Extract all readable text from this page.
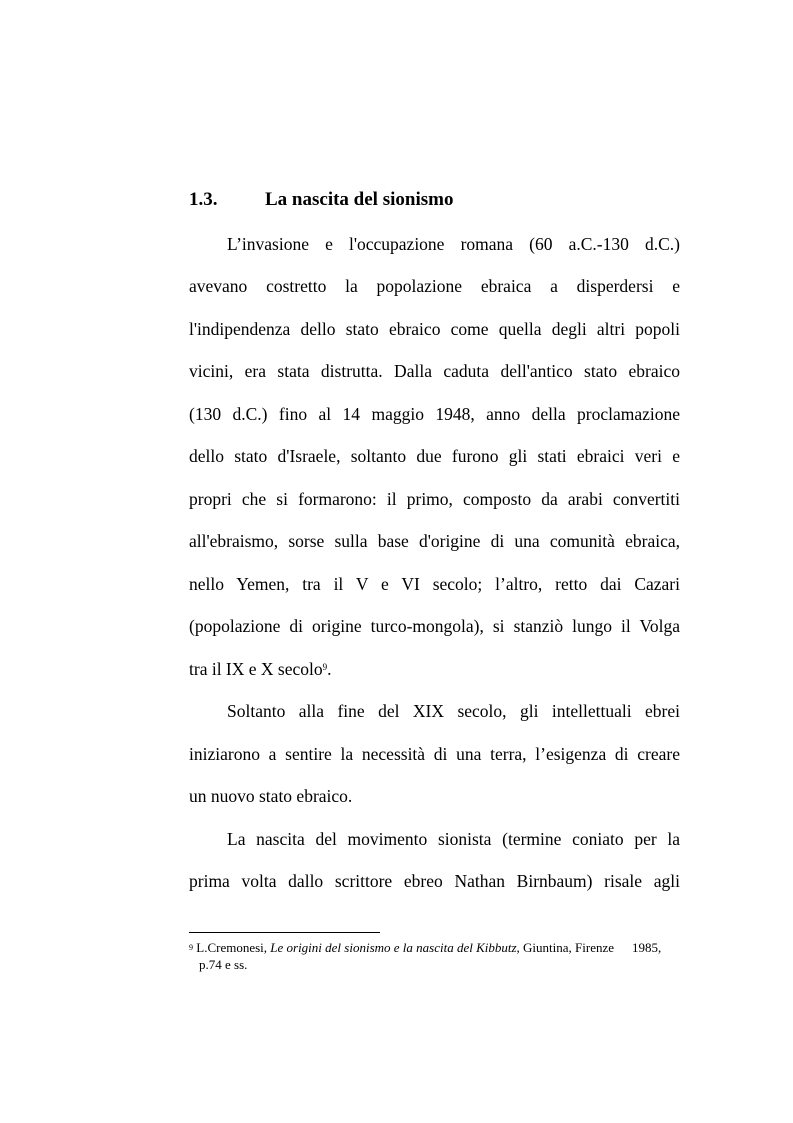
1.3.	La nascita del sionismo
L’invasione e l'occupazione romana (60 a.C.-130 d.C.)
avevano costretto la popolazione ebraica a disperdersi e
l'indipendenza dello stato ebraico come quella degli altri popoli
vicini, era stata distrutta. Dalla caduta dell'antico stato ebraico
(130 d.C.) fino al 14 maggio 1948, anno della proclamazione
dello stato d'Israele, soltanto due furono gli stati ebraici veri e
propri che si formarono: il primo, composto da arabi convertiti
all'ebraismo, sorse sulla base d'origine di una comunità ebraica,
nello Yemen, tra il V e VI secolo; l’altro, retto dai Cazari
(popolazione di origine turco-mongola), si stanziò lungo il Volga
tra il IX e X secolo$^9$.
Soltanto alla fine del XIX secolo, gli intellettuali ebrei
iniziarono a sentire la necessità di una terra, l’esigenza di creare
un nuovo stato ebraico.
La nascita del movimento sionista (termine coniato per la
prima volta dallo scrittore ebreo Nathan Birnbaum) risale agli
$^9$ L.Cremonesi, Le origini del sionismo e la nascita del Kibbutz, Giuntina, Firenze 1985,
p.74 e ss.
